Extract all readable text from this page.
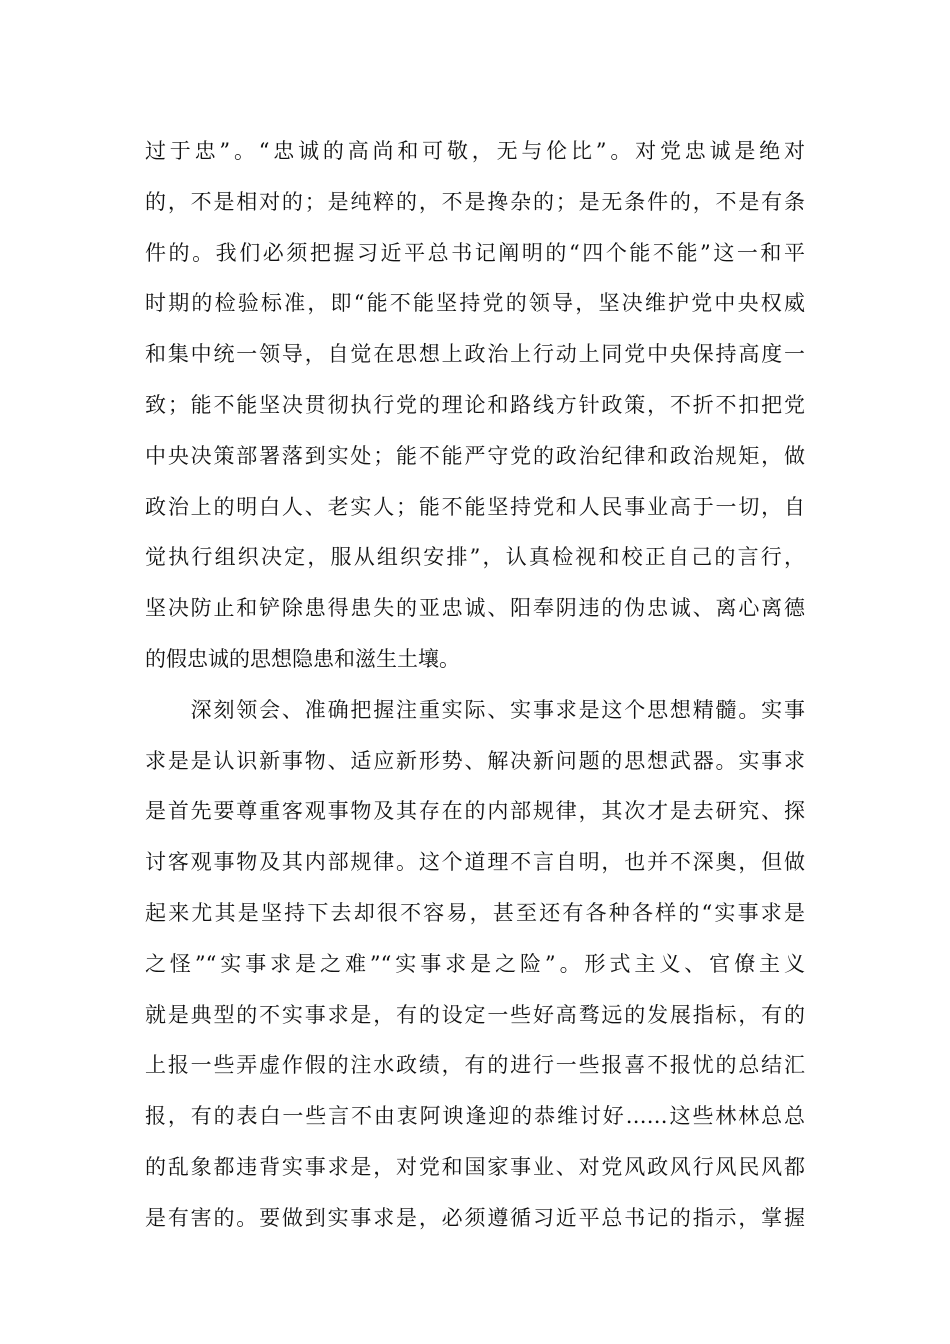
过于忠”。“忠诚的高尚和可敬，无与伦比”。对党忠诚是绝对
的，不是相对的；是纯粹的，不是搀杂的；是无条件的，不是有条
件的。我们必须把握习近平总书记阐明的“四个能不能”这一和平
时期的检验标准，即“能不能坚持党的领导，坚决维护党中央权威
和集中统一领导，自觉在思想上政治上行动上同党中央保持高度一
致；能不能坚决贯彻执行党的理论和路线方针政策，不折不扣把党
中央决策部署落到实处；能不能严守党的政治纪律和政治规矩，做
政治上的明白人、老实人；能不能坚持党和人民事业高于一切，自
觉执行组织决定，服从组织安排”，认真检视和校正自己的言行，
坚决防止和铲除患得患失的亚忠诚、阳奉阴违的伪忠诚、离心离德
的假忠诚的思想隐患和滋生土壤。
　　深刻领会、准确把握注重实际、实事求是这个思想精髓。实事
求是是认识新事物、适应新形势、解决新问题的思想武器。实事求
是首先要尊重客观事物及其存在的内部规律，其次才是去研究、探
讨客观事物及其内部规律。这个道理不言自明，也并不深奥，但做
起来尤其是坚持下去却很不容易，甚至还有各种各样的“实事求是
之怪”“实事求是之难”“实事求是之险”。形式主义、官僚主义
就是典型的不实事求是，有的设定一些好高骛远的发展指标，有的
上报一些弄虚作假的注水政绩，有的进行一些报喜不报忧的总结汇
报，有的表白一些言不由衷阿谀逢迎的恭维讨好……这些林林总总
的乱象都违背实事求是，对党和国家事业、对党风政风行风民风都
是有害的。要做到实事求是，必须遵循习近平总书记的指示，掌握
